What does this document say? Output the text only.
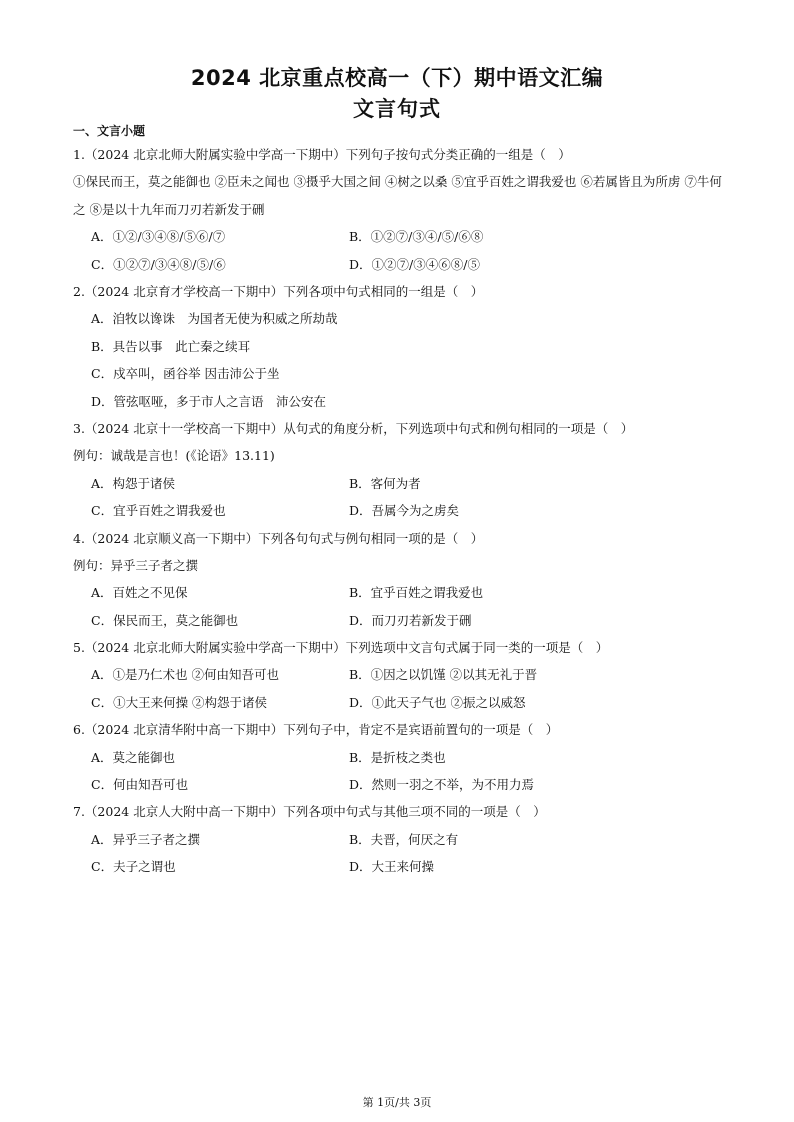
2024 北京重点校高一（下）期中语文汇编
文言句式
一、文言小题
1.（2024 北京北师大附属实验中学高一下期中）下列句子按句式分类正确的一组是（　）
①保民而王，莫之能御也 ②臣未之闻也 ③摄乎大国之间 ④树之以桑 ⑤宜乎百姓之谓我爱也 ⑥若属皆且为所虏 ⑦牛何之 ⑧是以十九年而刀刃若新发于硎
A．①②/③④⑧/⑤⑥/⑦	B．①②⑦/③④/⑤/⑥⑧
C．①②⑦/③④⑧/⑤/⑥	D．①②⑦/③④⑥⑧/⑤
2.（2024 北京育才学校高一下期中）下列各项中句式相同的一组是（　）
A．洎牧以谗诛　为国者无使为积威之所劫哉
B．具告以事　此亡秦之续耳
C．戍卒叫，函谷举 因击沛公于坐
D．管弦呕哑，多于市人之言语　沛公安在
3.（2024 北京十一学校高一下期中）从句式的角度分析，下列选项中句式和例句相同的一项是（　）
例句：诚哉是言也！(《论语》13.11)
A．构怨于诸侯	B．客何为者
C．宜乎百姓之谓我爱也	D．吾属今为之虏矣
4.（2024 北京顺义高一下期中）下列各句句式与例句相同一项的是（　）
例句：异乎三子者之撰
A．百姓之不见保	B．宜乎百姓之谓我爱也
C．保民而王，莫之能御也	D．而刀刃若新发于硎
5.（2024 北京北师大附属实验中学高一下期中）下列选项中文言句式属于同一类的一项是（　）
A．①是乃仁术也 ②何由知吾可也	B．①因之以饥馑 ②以其无礼于晋
C．①大王来何操 ②构怨于诸侯	D．①此天子气也 ②振之以威怒
6.（2024 北京清华附中高一下期中）下列句子中，肯定不是宾语前置句的一项是（　）
A．莫之能御也	B．是折枝之类也
C．何由知吾可也	D．然则一羽之不举，为不用力焉
7.（2024 北京人大附中高一下期中）下列各项中句式与其他三项不同的一项是（　）
A．异乎三子者之撰	B．夫晋，何厌之有
C．夫子之谓也	D．大王来何操
第 1页/共 3页
